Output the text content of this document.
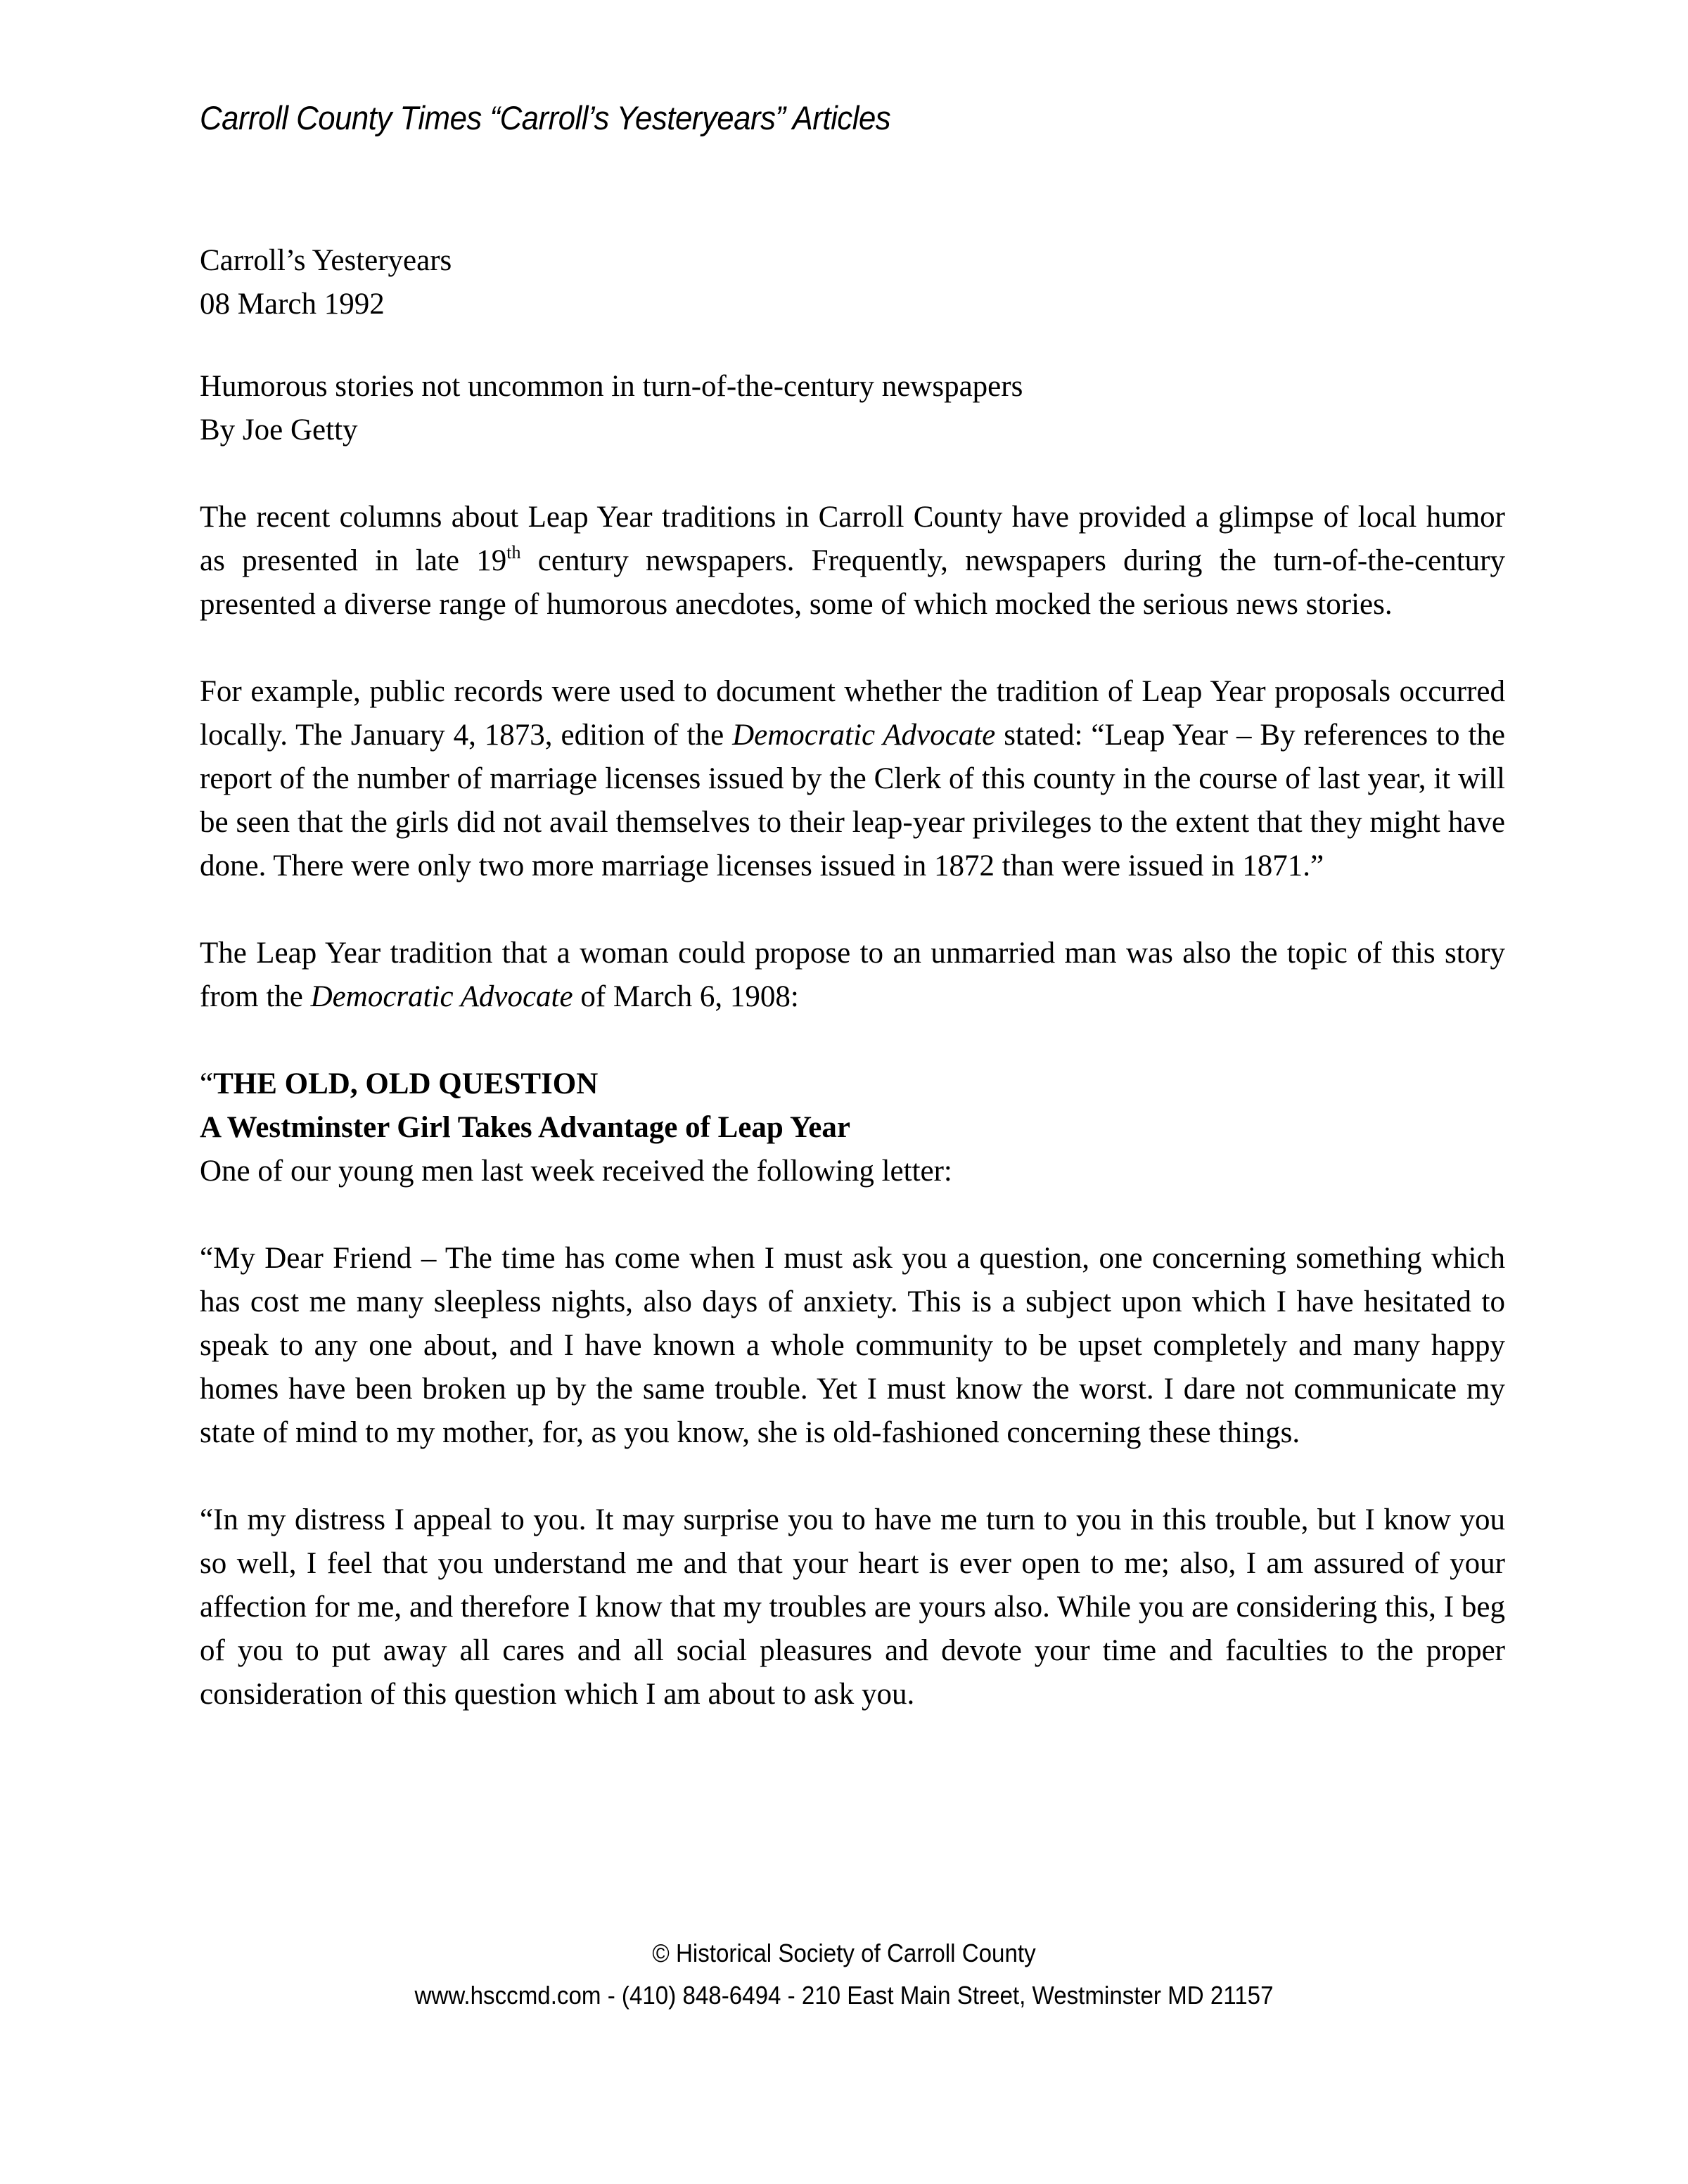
Carroll County Times “Carroll’s Yesteryears” Articles

Carroll’s Yesteryears

08 March 1992

Humorous stories not uncommon in turn-of-the-century newspapers

By Joe Getty

The recent columns about Leap Year traditions in Carroll County have provided a glimpse of local humor as presented in late 19th century newspapers. Frequently, newspapers during the turn-of-the-century presented a diverse range of humorous anecdotes, some of which mocked the serious news stories.

For example, public records were used to document whether the tradition of Leap Year proposals occurred locally. The January 4, 1873, edition of the Democratic Advocate stated: “Leap Year – By references to the report of the number of marriage licenses issued by the Clerk of this county in the course of last year, it will be seen that the girls did not avail themselves to their leap-year privileges to the extent that they might have done. There were only two more marriage licenses issued in 1872 than were issued in 1871.”

The Leap Year tradition that a woman could propose to an unmarried man was also the topic of this story from the Democratic Advocate of March 6, 1908:

“THE OLD, OLD QUESTION

A Westminster Girl Takes Advantage of Leap Year

One of our young men last week received the following letter:

“My Dear Friend – The time has come when I must ask you a question, one concerning something which has cost me many sleepless nights, also days of anxiety. This is a subject upon which I have hesitated to speak to any one about, and I have known a whole community to be upset completely and many happy homes have been broken up by the same trouble. Yet I must know the worst. I dare not communicate my state of mind to my mother, for, as you know, she is old-fashioned concerning these things.

“In my distress I appeal to you. It may surprise you to have me turn to you in this trouble, but I know you so well, I feel that you understand me and that your heart is ever open to me; also, I am assured of your affection for me, and therefore I know that my troubles are yours also. While you are considering this, I beg of you to put away all cares and all social pleasures and devote your time and faculties to the proper consideration of this question which I am about to ask you.

© Historical Society of Carroll County
www.hsccmd.com - (410) 848-6494 - 210 East Main Street, Westminster MD 21157
